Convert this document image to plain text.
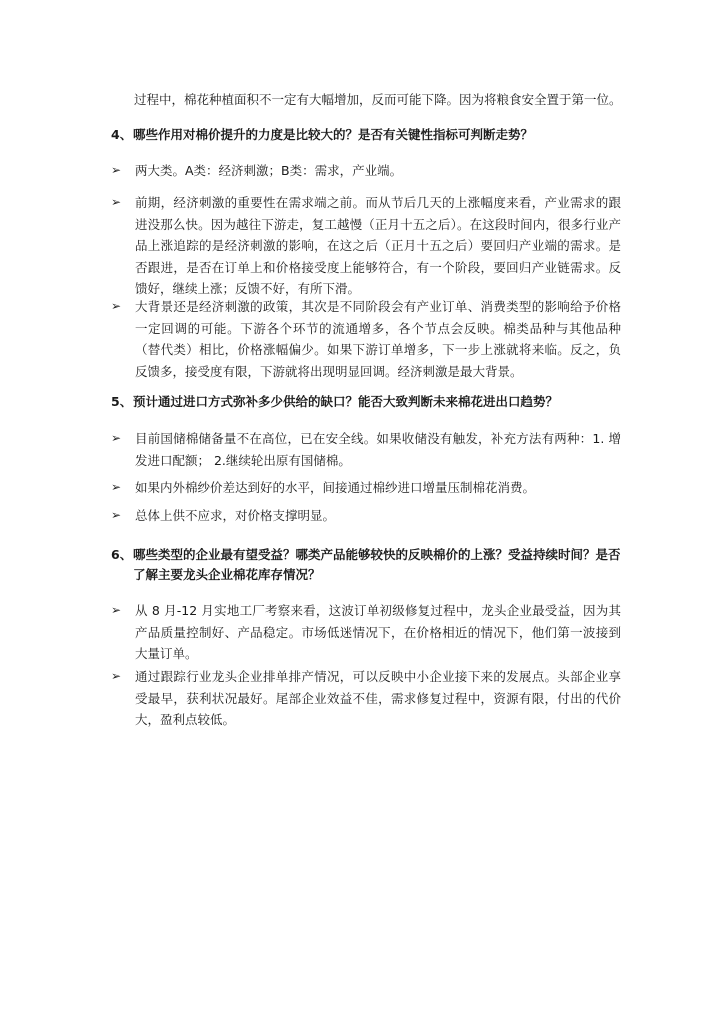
过程中，棉花种植面积不一定有大幅增加，反而可能下降。因为将粮食安全置于第一位。
4、哪些作用对棉价提升的力度是比较大的？是否有关键性指标可判断走势？
➢	两大类。A类：经济刺激；B类：需求，产业端。
➢	前期，经济刺激的重要性在需求端之前。而从节后几天的上涨幅度来看，产业需求的跟进没那么快。因为越往下游走，复工越慢（正月十五之后）。在这段时间内，很多行业产品上涨追踪的是经济刺激的影响，在这之后（正月十五之后）要回归产业端的需求。是否跟进，是否在订单上和价格接受度上能够符合，有一个阶段，要回归产业链需求。反馈好，继续上涨；反馈不好，有所下滑。
➢	大背景还是经济刺激的政策，其次是不同阶段会有产业订单、消费类型的影响给予价格一定回调的可能。下游各个环节的流通增多，各个节点会反映。棉类品种与其他品种（替代类）相比，价格涨幅偏少。如果下游订单增多，下一步上涨就将来临。反之，负反馈多，接受度有限，下游就将出现明显回调。经济刺激是最大背景。
5、预计通过进口方式弥补多少供给的缺口？能否大致判断未来棉花进出口趋势？
➢	目前国储棉储备量不在高位，已在安全线。如果收储没有触发，补充方法有两种：1. 增发进口配额； 2.继续轮出原有国储棉。
➢	如果内外棉纱价差达到好的水平，间接通过棉纱进口增量压制棉花消费。
➢	总体上供不应求，对价格支撑明显。
6、 哪些类型的企业最有望受益？哪类产品能够较快的反映棉价的上涨？受益持续时间？是否了解主要龙头企业棉花库存情况？
➢	从 8 月-12 月实地工厂考察来看，这波订单初级修复过程中，龙头企业最受益，因为其产品质量控制好、产品稳定。市场低迷情况下，在价格相近的情况下，他们第一波接到大量订单。
➢	通过跟踪行业龙头企业排单排产情况，可以反映中小企业接下来的发展点。头部企业享受最早，获利状况最好。尾部企业效益不佳，需求修复过程中，资源有限，付出的代价大，盈利点较低。
